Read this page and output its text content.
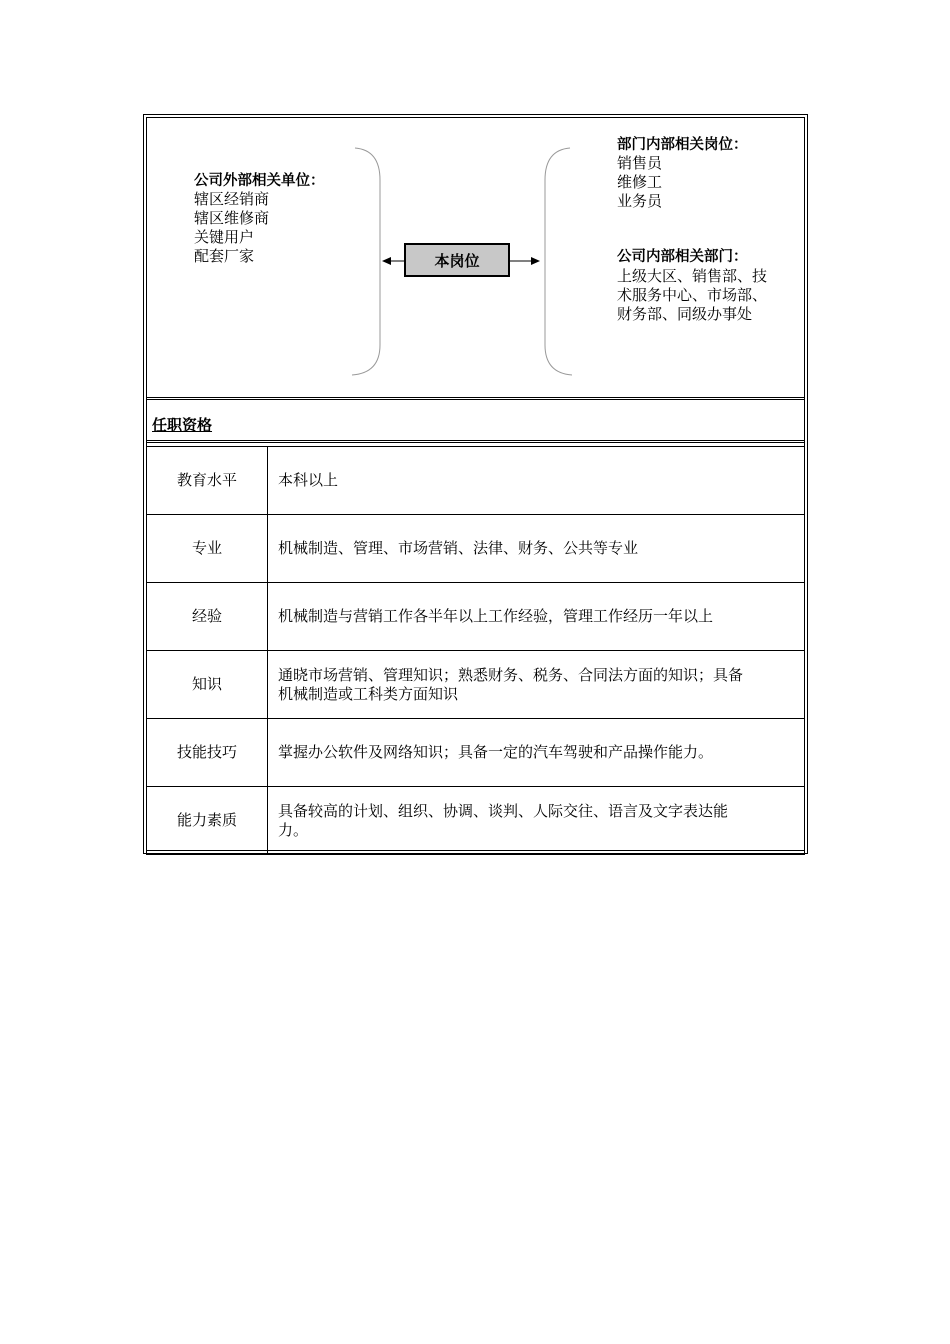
公司外部相关单位：
辖区经销商
辖区维修商
关键用户
配套厂家	本岗位
部门内部相关岗位：
销售员
维修工
业务员
公司内部相关部门：
上级大区、销售部、技
术服务中心、市场部、
财务部、同级办事处
任职资格
教育水平	本科以上

专业	机械制造、管理、市场营销、法律、财务、公共等专业

经验	机械制造与营销工作各半年以上工作经验，管理工作经历一年以上

知识	通晓市场营销、管理知识；熟悉财务、税务、合同法方面的知识；具备
机械制造或工科类方面知识

技能技巧	掌握办公软件及网络知识；具备一定的汽车驾驶和产品操作能力。

能力素质	具备较高的计划、组织、协调、谈判、人际交往、语言及文字表达能
力。
